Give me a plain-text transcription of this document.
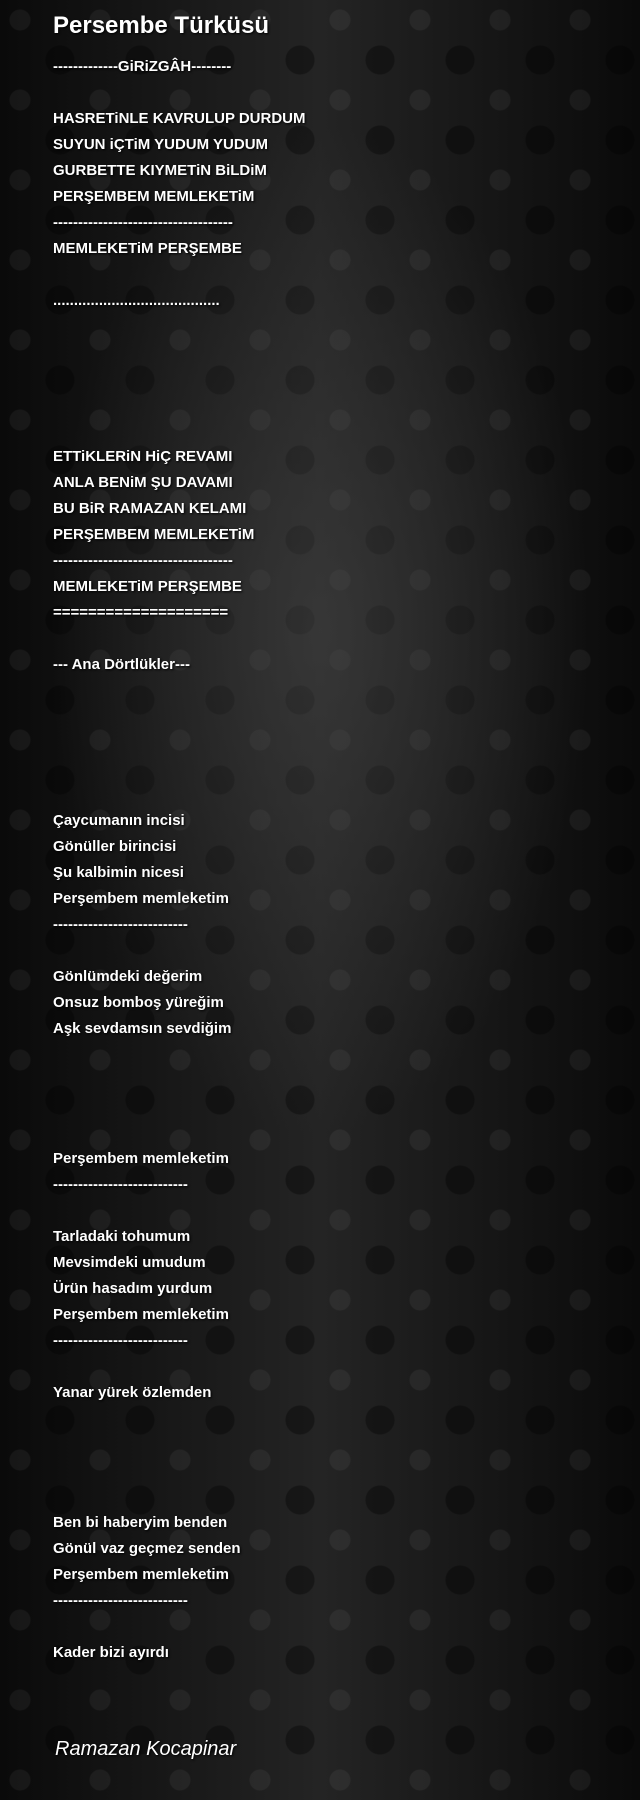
Persembe Türküsü
-------------GiRiZGÂH--------
HASRETiNLE KAVRULUP DURDUM
SUYUN iÇTiM YUDUM YUDUM
GURBETTE KIYMETiN BiLDiM
PERŞEMBEM MEMLEKETiM
------------------------------------
MEMLEKETiM PERŞEMBE
........................................
ETTiKLERiN HiÇ REVAMI
ANLA BENiM ŞU DAVAMI
BU BiR RAMAZAN KELAMI
PERŞEMBEM MEMLEKETiM
------------------------------------
MEMLEKETiM PERŞEMBE
====================
--- Ana Dörtlükler---
Çaycumanın incisi
Gönüller birincisi
Şu kalbimin nicesi
Perşembem memleketim
---------------------------
Gönlümdeki değerim
Onsuz bomboş yüreğim
Aşk sevdamsın sevdiğim
Perşembem memleketim
---------------------------
Tarladaki tohumum
Mevsimdeki umudum
Ürün hasadım yurdum
Perşembem memleketim
---------------------------
Yanar yürek özlemden
Ben bi haberyim benden
Gönül vaz geçmez senden
Perşembem memleketim
---------------------------
Kader bizi ayırdı
Ramazan Kocapinar
